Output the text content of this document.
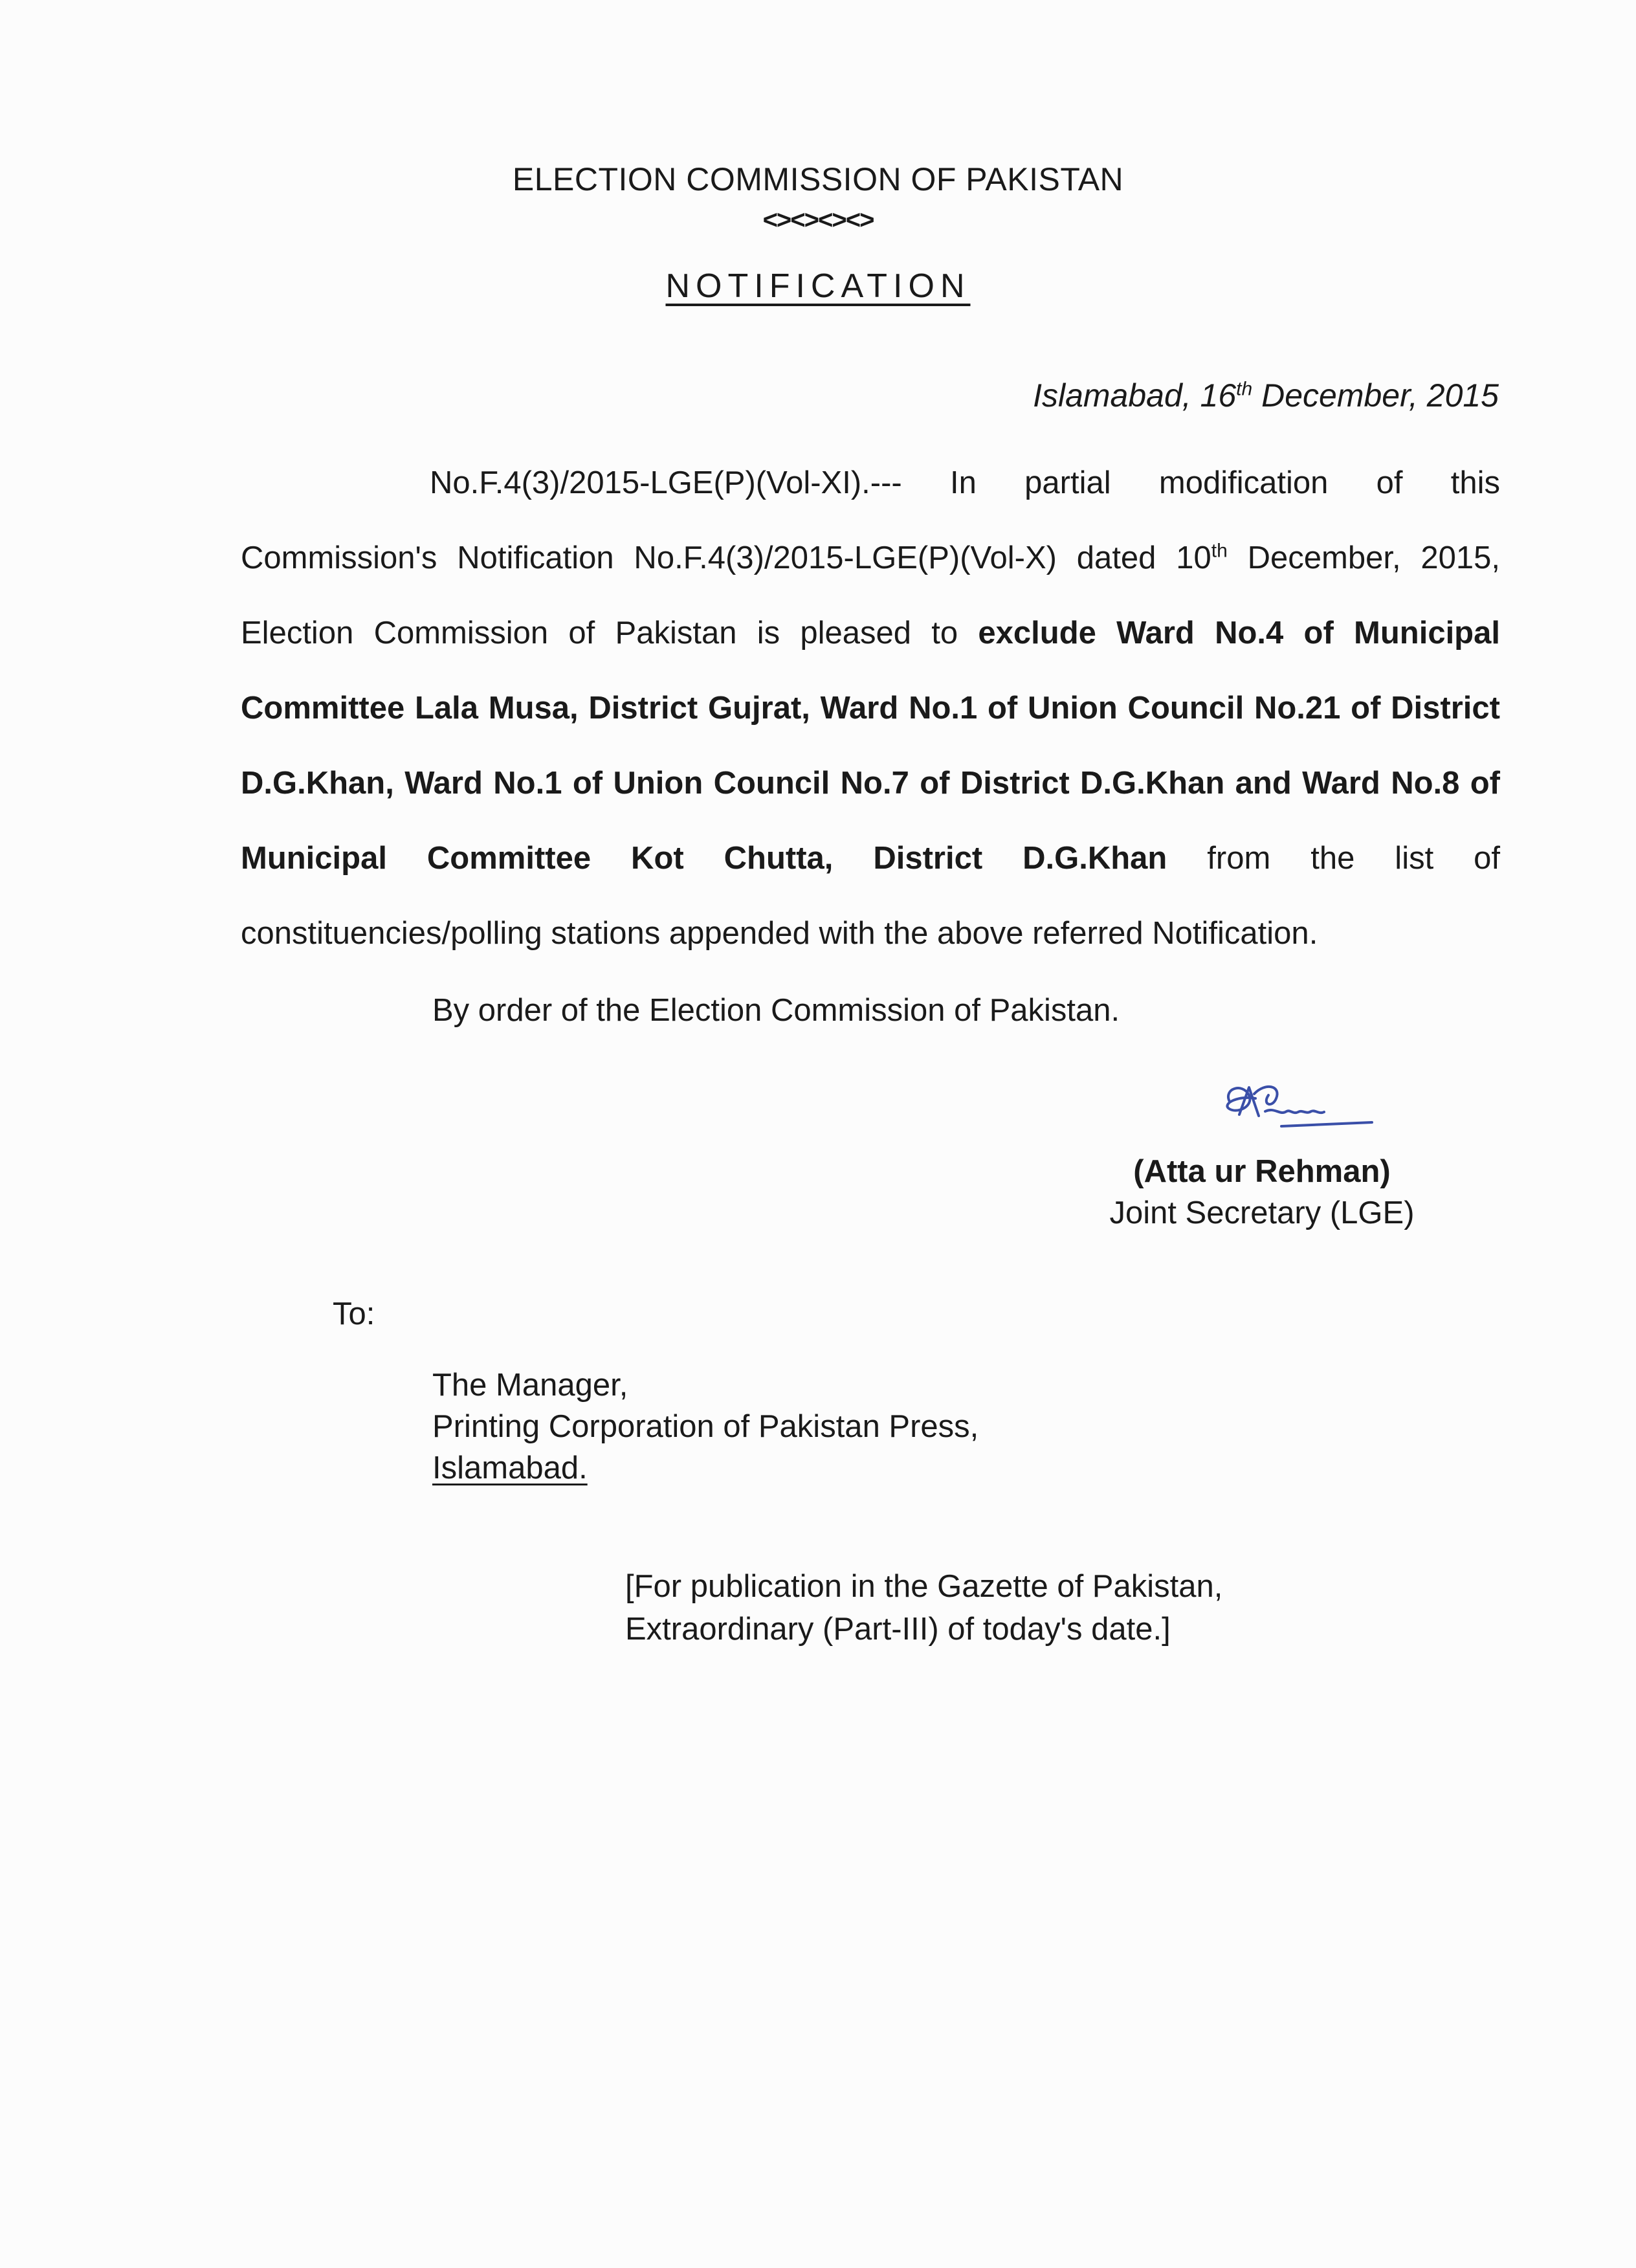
ELECTION COMMISSION OF PAKISTAN
<><><><>
NOTIFICATION
Islamabad, 16th December, 2015
No.F.4(3)/2015-LGE(P)(Vol-XI).--- In partial modification of this Commission's Notification No.F.4(3)/2015-LGE(P)(Vol-X) dated 10th December, 2015, Election Commission of Pakistan is pleased to exclude Ward No.4 of Municipal Committee Lala Musa, District Gujrat, Ward No.1 of Union Council No.21 of District D.G.Khan, Ward No.1 of Union Council No.7 of District D.G.Khan and Ward No.8 of Municipal Committee Kot Chutta, District D.G.Khan from the list of constituencies/polling stations appended with the above referred Notification.
By order of the Election Commission of Pakistan.
(Atta ur Rehman)
Joint Secretary (LGE)
To:
The Manager,
Printing Corporation of Pakistan Press,
Islamabad.
[For publication in the Gazette of Pakistan,
Extraordinary (Part-III) of today's date.]
